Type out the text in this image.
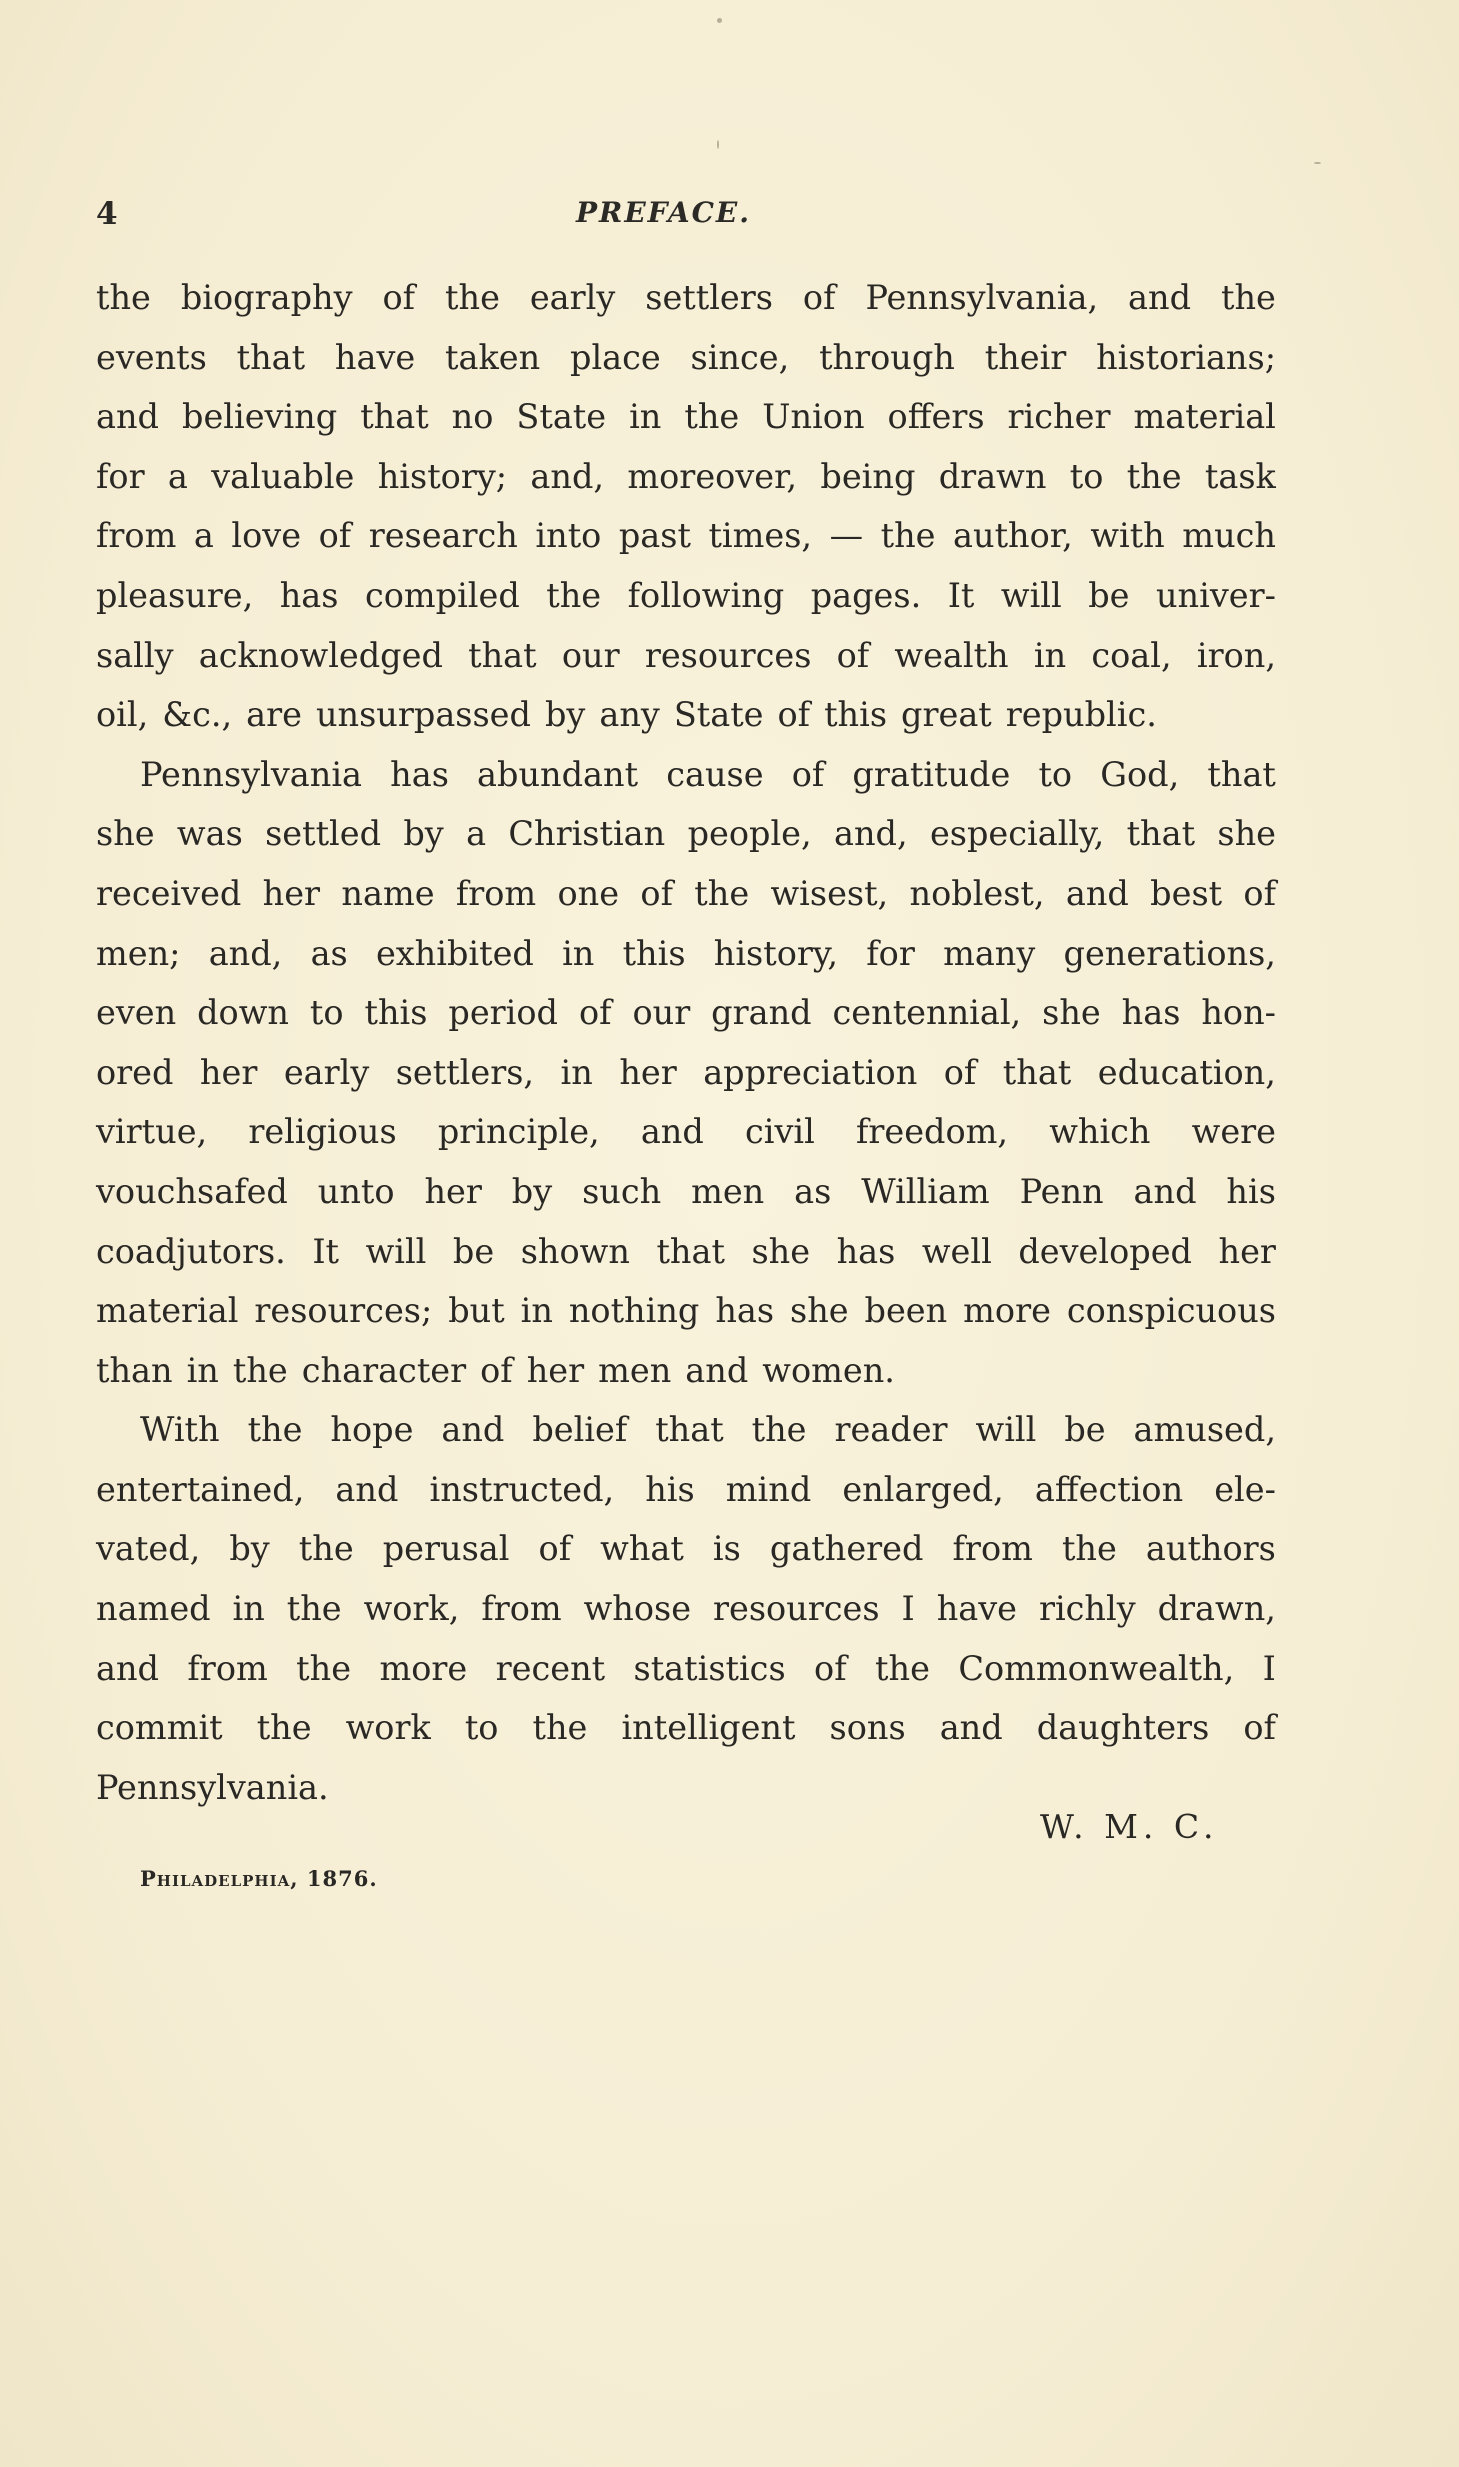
4	PREFACE.
the biography of the early settlers of Pennsylvania, and the
events that have taken place since, through their historians;
and believing that no State in the Union offers richer material
for a valuable history; and, moreover, being drawn to the task
from a love of research into past times, — the author, with much
pleasure, has compiled the following pages. It will be univer-
sally acknowledged that our resources of wealth in coal, iron,
oil, &c., are unsurpassed by any State of this great republic.
Pennsylvania has abundant cause of gratitude to God, that
she was settled by a Christian people, and, especially, that she
received her name from one of the wisest, noblest, and best of
men; and, as exhibited in this history, for many generations,
even down to this period of our grand centennial, she has hon-
ored her early settlers, in her appreciation of that education,
virtue, religious principle, and civil freedom, which were
vouchsafed unto her by such men as William Penn and his
coadjutors. It will be shown that she has well developed her
material resources; but in nothing has she been more conspicuous
than in the character of her men and women.
With the hope and belief that the reader will be amused,
entertained, and instructed, his mind enlarged, affection ele-
vated, by the perusal of what is gathered from the authors
named in the work, from whose resources I have richly drawn,
and from the more recent statistics of the Commonwealth, I
commit the work to the intelligent sons and daughters of
Pennsylvania.
W. M. C.
Philadelphia, 1876.
